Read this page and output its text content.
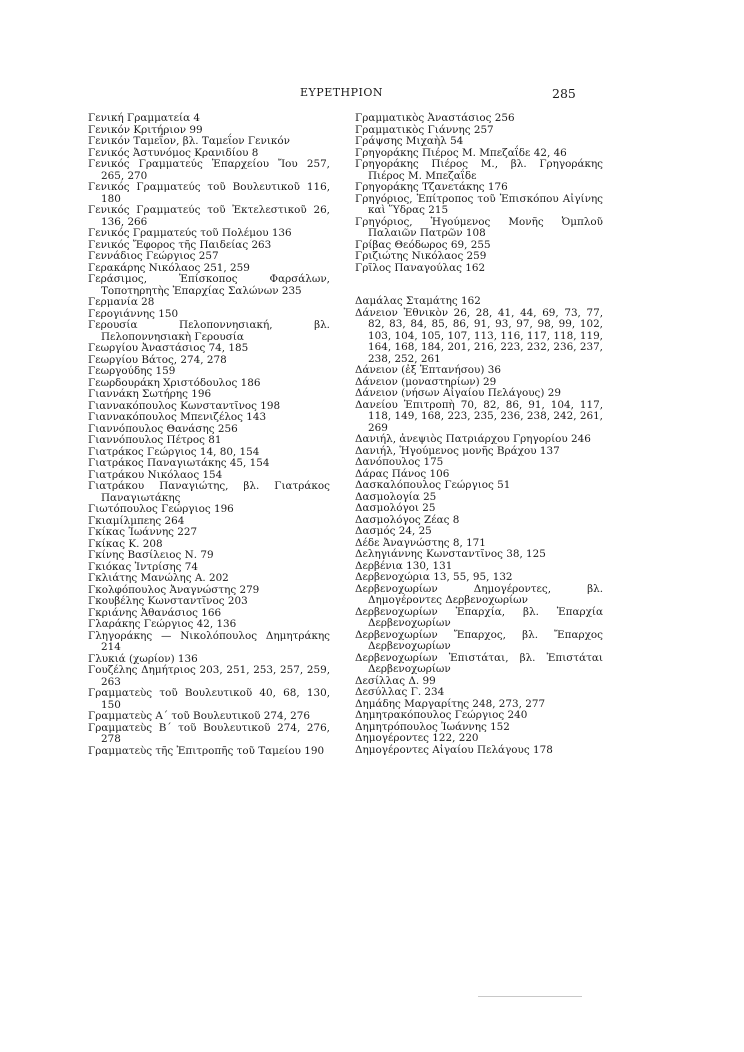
ΕΥΡΕΤΗΡΙΟΝ	285
Γενική Γραμματεία 4
Γενικόν Κριτήριον 99
Γενικόν Ταμεΐον, βλ. Ταμεΐον Γενικόν
Γενικός Ἀστυνόμος Κρανιδίου 8
Γενικός Γραμματεύς Ἐπαρχείου Ἴου 257, 265, 270
Γενικός Γραμματεύς τοῦ Βουλευτικοῦ 116, 180
Γενικός Γραμματεύς τοῦ Ἐκτελεστικοῦ 26, 136, 266
Γενικός Γραμματεύς τοῦ Πολέμου 136
Γενικός Ἔφορος τῆς Παιδείας 263
Γεννάδιος Γεώργιος 257
Γερακάρης Νικόλαος 251, 259
Γεράσιμος, Ἐπίσκοπος Φαρσάλων, Τοποτηρητὴς Ἐπαρχίας Σαλώνων 235
Γερμανία 28
Γερογιάννης 150
Γερουσία Πελοποννησιακή, βλ. Πελοποννησιακὴ Γερουσία
Γεωργίου Ἀναστάσιος 74, 185
Γεωργίου Βάτος, 274, 278
Γεωργούδης 159
Γεωρδουράκη Χριστόδουλος 186
Γιαννάκη Σωτήρης 196
Γιαννακόπουλος Κωνσταντῖνος 198
Γιαννακόπουλος Μπενιζέλος 143
Γιαννόπουλος Θανάσης 256
Γιαννόπουλος Πέτρος 81
Γιατράκος Γεώργιος 14, 80, 154
Γιατράκος Παναγιωτάκης 45, 154
Γιατράκου Νικόλαος 154
Γιατράκου Παναγιώτης, βλ. Γιατράκος Παναγιωτάκης
Γιωτόπουλος Γεώργιος 196
Γκιαμίλμπεης 264
Γκίκας Ἰωάννης 227
Γκίκας Κ. 208
Γκίνης Βασίλειος Ν. 79
Γκιόκας Ἰντρίσης 74
Γκλιάτης Μανώλης Α. 202
Γκολφόπουλος Ἀναγνώστης 279
Γκουβέλης Κωνσταντῖνος 203
Γκριάνης Ἀθανάσιος 166
Γλαράκης Γεώργιος 42, 136
Γληγοράκης — Νικολόπουλος Δημητράκης 214
Γλυκιά (χωρίον) 136
Γουζέλης Δημήτριος 203, 251, 253, 257, 259, 263
Γραμματεὺς τοῦ Βουλευτικοῦ 40, 68, 130, 150
Γραμματεὺς Α΄ τοῦ Βουλευτικοῦ 274, 276
Γραμματεὺς Β΄ τοῦ Βουλευτικοῦ 274, 276, 278
Γραμματεὺς τῆς Ἐπιτροπῆς τοῦ Ταμείου 190
Γραμματικὸς Ἀναστάσιος 256
Γραμματικὸς Γιάννης 257
Γράψσης Μιχαὴλ 54
Γρηγοράκης Πιέρος Μ. Μπεζαΐδε 42, 46
Γρηγοράκης Πιέρος Μ., βλ. Γρηγοράκης Πιέρος Μ. Μπεζαΐδε
Γρηγοράκης Τζανετάκης 176
Γρηγόριος, Ἐπίτροπος τοῦ Ἐπισκόπου Αἰγίνης καὶ Ὕδρας 215
Γρηγόριος, Ἡγούμενος Μονῆς Ὀμπλοῦ Παλαιῶν Πατρῶν 108
Γρίβας Θεόδωρος 69, 255
Γριζιώτης Νικόλαος 259
Γρῖλος Παναγούλας 162
Δαμάλας Σταμάτης 162
Δάνειον Ἐθνικὸν 26, 28, 41, 44, 69, 73, 77, 82, 83, 84, 85, 86, 91, 93, 97, 98, 99, 102, 103, 104, 105, 107, 113, 116, 117, 118, 119, 164, 168, 184, 201, 216, 223, 232, 236, 237, 238, 252, 261
Δάνειον (ἐξ Ἑπτανήσου) 36
Δάνειον (μοναστηρίων) 29
Δάνειον (νήσων Αἰγαίου Πελάγους) 29
Δανείου Ἐπιτροπὴ 70, 82, 86, 91, 104, 117, 118, 149, 168, 223, 235, 236, 238, 242, 261, 269
Δανιήλ, ἀνεψιὸς Πατριάρχου Γρηγορίου 246
Δανιήλ, Ἡγούμενος μονῆς Βράχου 137
Δανόπουλος 175
Δάρας Πάνος 106
Δασκαλόπουλος Γεώργιος 51
Δασμολογία 25
Δασμολόγοι 25
Δασμολόγος Ζέας 8
Δασμός 24, 25
Δέδε Ἀναγνώστης 8, 171
Δεληγιάννης Κωνσταντῖνος 38, 125
Δερβένια 130, 131
Δερβενοχώρια 13, 55, 95, 132
Δερβενοχωρίων Δημογέροντες, βλ. Δημογέροντες Δερβενοχωρίων
Δερβενοχωρίων Ἐπαρχία, βλ. Ἐπαρχία Δερβενοχωρίων
Δερβενοχωρίων Ἔπαρχος, βλ. Ἔπαρχος Δερβενοχωρίων
Δερβενοχωρίων Ἐπιστάται, βλ. Ἐπιστάται Δερβενοχωρίων
Δεσίλλας Δ. 99
Δεσύλλας Γ. 234
Δημάδης Μαργαρίτης 248, 273, 277
Δημητρακόπουλος Γεώργιος 240
Δημητρόπουλος Ἰωάννης 152
Δημογέροντες 122, 220
Δημογέροντες Αἰγαίου Πελάγους 178
